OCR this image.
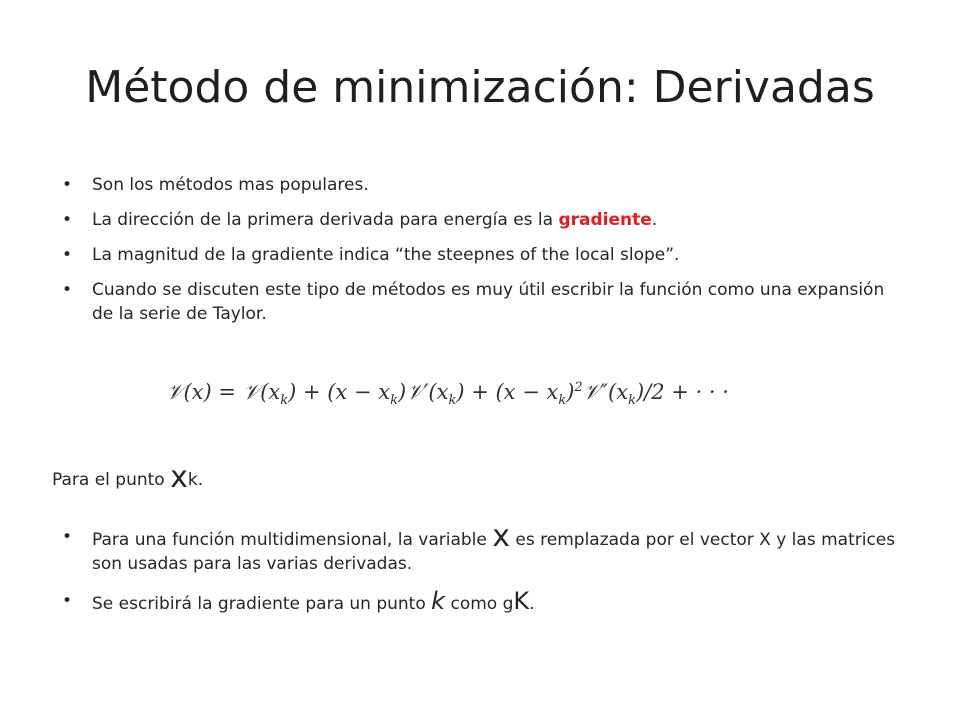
Método de minimización: Derivadas
• Son los métodos mas populares.
• La dirección de la primera derivada para energía es la gradiente.
• La magnitud de la gradiente indica “the steepnes of the local slope”.
• Cuando se discuten este tipo de métodos es muy útil escribir la función como una expansión de la serie de Taylor.
𝒱(x) = $𝒱(x_k) + (x$ − $x_k)𝒱'(x_k) + (x$ − $x_k)^2𝒱''(x_k)/2$ + · · ·
Para el punto xk.
• Para una función multidimensional, la variable x es remplazada por el vector X y las matrices son usadas para las varias derivadas.
• Se escribirá la gradiente para un punto k como gK.
